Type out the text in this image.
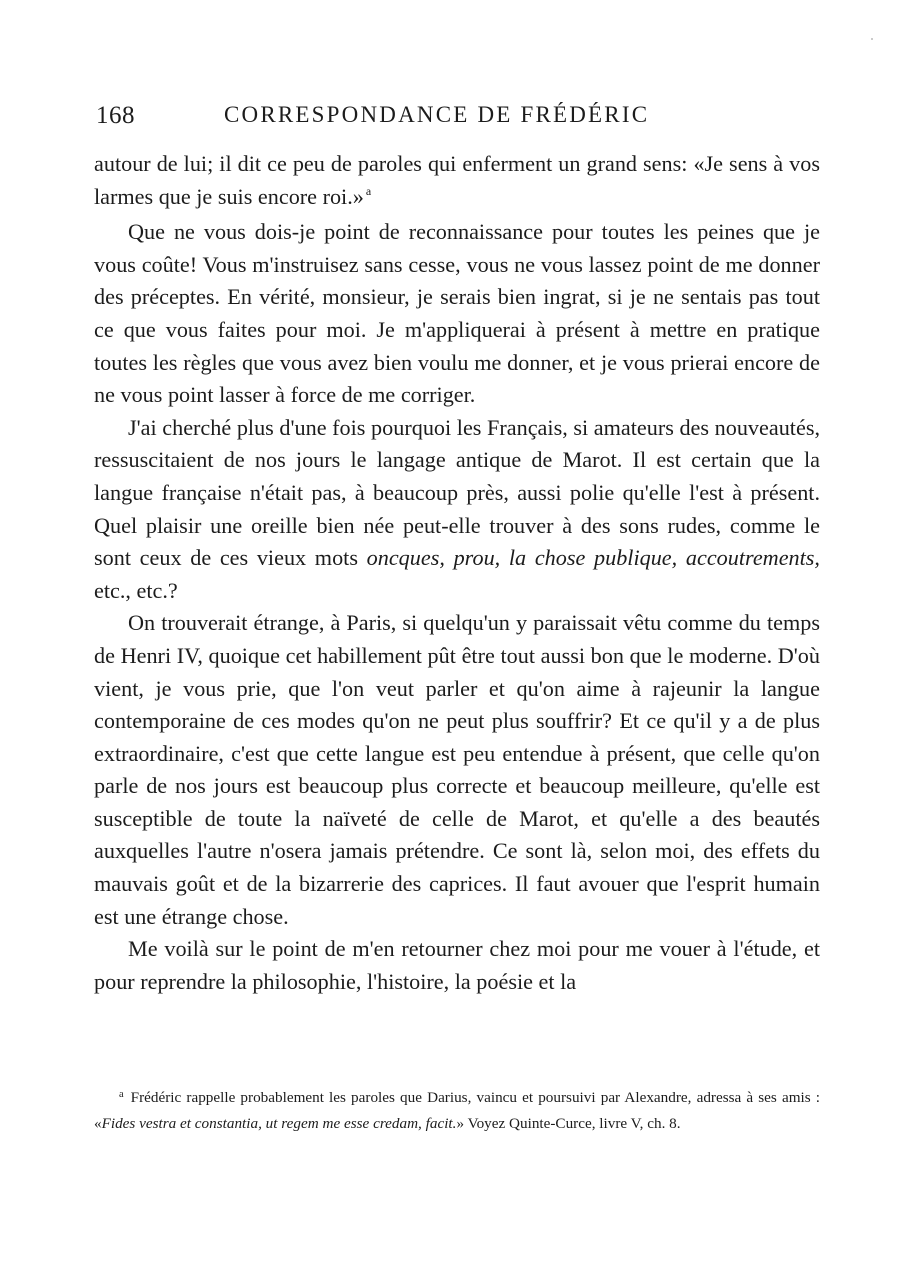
168	CORRESPONDANCE DE FRÉDÉRIC

autour de lui; il dit ce peu de paroles qui enferment un grand sens: «Je sens à vos larmes que je suis encore roi.» $^a$

Que ne vous dois-je point de reconnaissance pour toutes les peines que je vous coûte! Vous m'instruisez sans cesse, vous ne vous lassez point de me donner des préceptes. En vérité, monsieur, je serais bien ingrat, si je ne sentais pas tout ce que vous faites pour moi. Je m'appliquerai à présent à mettre en pratique toutes les règles que vous avez bien voulu me donner, et je vous prierai encore de ne vous point lasser à force de me corriger.

J'ai cherché plus d'une fois pourquoi les Français, si amateurs des nouveautés, ressuscitaient de nos jours le langage antique de Marot. Il est certain que la langue française n'était pas, à beaucoup près, aussi polie qu'elle l'est à présent. Quel plaisir une oreille bien née peut-elle trouver à des sons rudes, comme le sont ceux de ces vieux mots oncques, prou, la chose publique, accoutrements, etc., etc.?

On trouverait étrange, à Paris, si quelqu'un y paraissait vêtu comme du temps de Henri IV, quoique cet habillement pût être tout aussi bon que le moderne. D'où vient, je vous prie, que l'on veut parler et qu'on aime à rajeunir la langue contemporaine de ces modes qu'on ne peut plus souffrir? Et ce qu'il y a de plus extraordinaire, c'est que cette langue est peu entendue à présent, que celle qu'on parle de nos jours est beaucoup plus correcte et beaucoup meilleure, qu'elle est susceptible de toute la naïveté de celle de Marot, et qu'elle a des beautés auxquelles l'autre n'osera jamais prétendre. Ce sont là, selon moi, des effets du mauvais goût et de la bizarrerie des caprices. Il faut avouer que l'esprit humain est une étrange chose.

Me voilà sur le point de m'en retourner chez moi pour me vouer à l'étude, et pour reprendre la philosophie, l'histoire, la poésie et la

$^a$ Frédéric rappelle probablement les paroles que Darius, vaincu et poursuivi par Alexandre, adressa à ses amis : «Fides vestra et constantia, ut regem me esse credam, facit.» Voyez Quinte-Curce, livre V, ch. 8.
